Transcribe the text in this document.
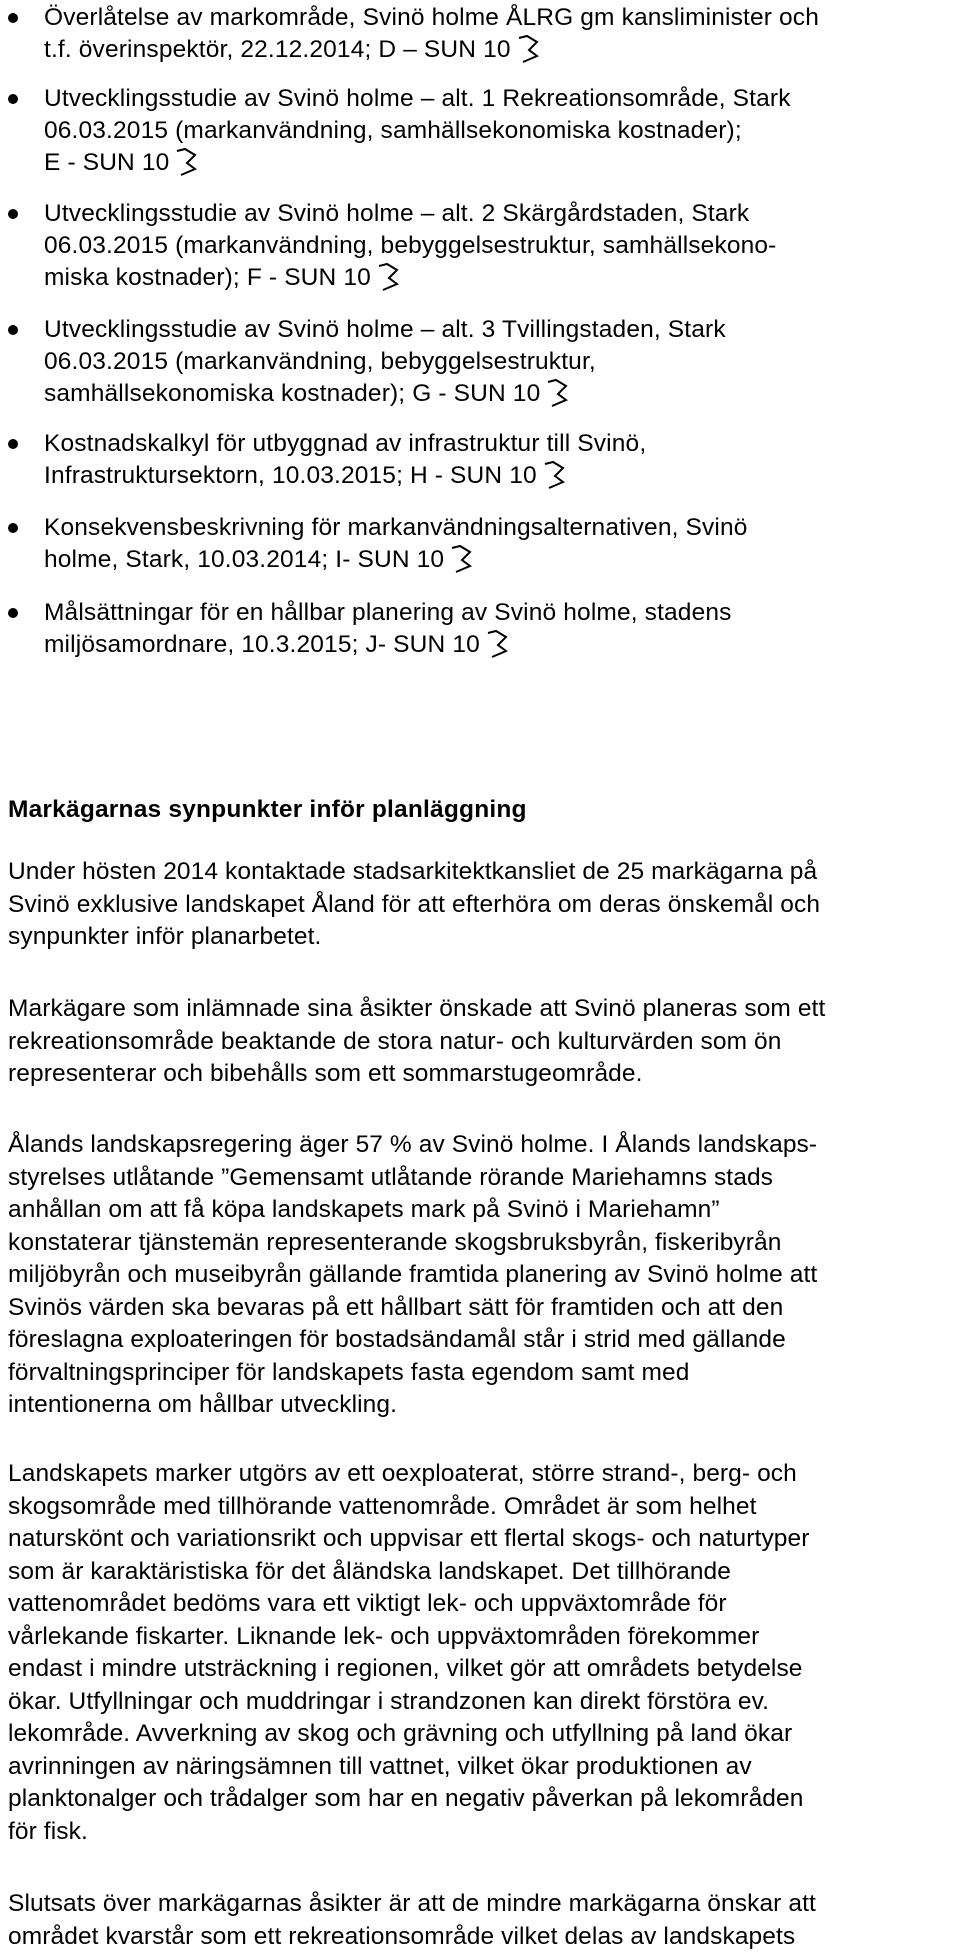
Överlåtelse av markområde, Svinö holme ÅLRG gm kansliminister och
t.f. överinspektör, 22.12.2014; D – SUN 10
Utvecklingsstudie av Svinö holme – alt. 1 Rekreationsområde, Stark
06.03.2015 (markanvändning, samhällsekonomiska kostnader);
E - SUN 10
Utvecklingsstudie av Svinö holme – alt. 2 Skärgårdstaden, Stark
06.03.2015 (markanvändning, bebyggelsestruktur, samhällsekono-
miska kostnader); F - SUN 10
Utvecklingsstudie av Svinö holme – alt. 3 Tvillingstaden, Stark
06.03.2015 (markanvändning, bebyggelsestruktur,
samhällsekonomiska kostnader); G - SUN 10
Kostnadskalkyl för utbyggnad av infrastruktur till Svinö,
Infrastruktursektorn, 10.03.2015; H - SUN 10
Konsekvensbeskrivning för markanvändningsalternativen, Svinö
holme, Stark, 10.03.2014; I- SUN 10
Målsättningar för en hållbar planering av Svinö holme, stadens
miljösamordnare, 10.3.2015; J- SUN 10
Markägarnas synpunkter inför planläggning
Under hösten 2014 kontaktade stadsarkitektkansliet de 25 markägarna på
Svinö exklusive landskapet Åland för att efterhöra om deras önskemål och
synpunkter inför planarbetet.
Markägare som inlämnade sina åsikter önskade att Svinö planeras som ett
rekreationsområde beaktande de stora natur- och kulturvärden som ön
representerar och bibehålls som ett sommarstugeområde.
Ålands landskapsregering äger 57 % av Svinö holme. I Ålands landskaps-
styrelses utlåtande ”Gemensamt utlåtande rörande Mariehamns stads
anhållan om att få köpa landskapets mark på Svinö i Mariehamn”
konstaterar tjänstemän representerande skogsbruksbyrån, fiskeribyrån
miljöbyrån och museibyrån gällande framtida planering av Svinö holme att
Svinös värden ska bevaras på ett hållbart sätt för framtiden och att den
föreslagna exploateringen för bostadsändamål står i strid med gällande
förvaltningsprinciper för landskapets fasta egendom samt med
intentionerna om hållbar utveckling.
Landskapets marker utgörs av ett oexploaterat, större strand-, berg- och
skogsområde med tillhörande vattenområde. Området är som helhet
naturskönt och variationsrikt och uppvisar ett flertal skogs- och naturtyper
som är karaktäristiska för det åländska landskapet. Det tillhörande
vattenområdet bedöms vara ett viktigt lek- och uppväxtområde för
vårlekande fiskarter. Liknande lek- och uppväxtområden förekommer
endast i mindre utsträckning i regionen, vilket gör att områdets betydelse
ökar. Utfyllningar och muddringar i strandzonen kan direkt förstöra ev.
lekområde. Avverkning av skog och grävning och utfyllning på land ökar
avrinningen av näringsämnen till vattnet, vilket ökar produktionen av
planktonalger och trådalger som har en negativ påverkan på lekområden
för fisk.
Slutsats över markägarnas åsikter är att de mindre markägarna önskar att
området kvarstår som ett rekreationsområde vilket delas av landskapets
